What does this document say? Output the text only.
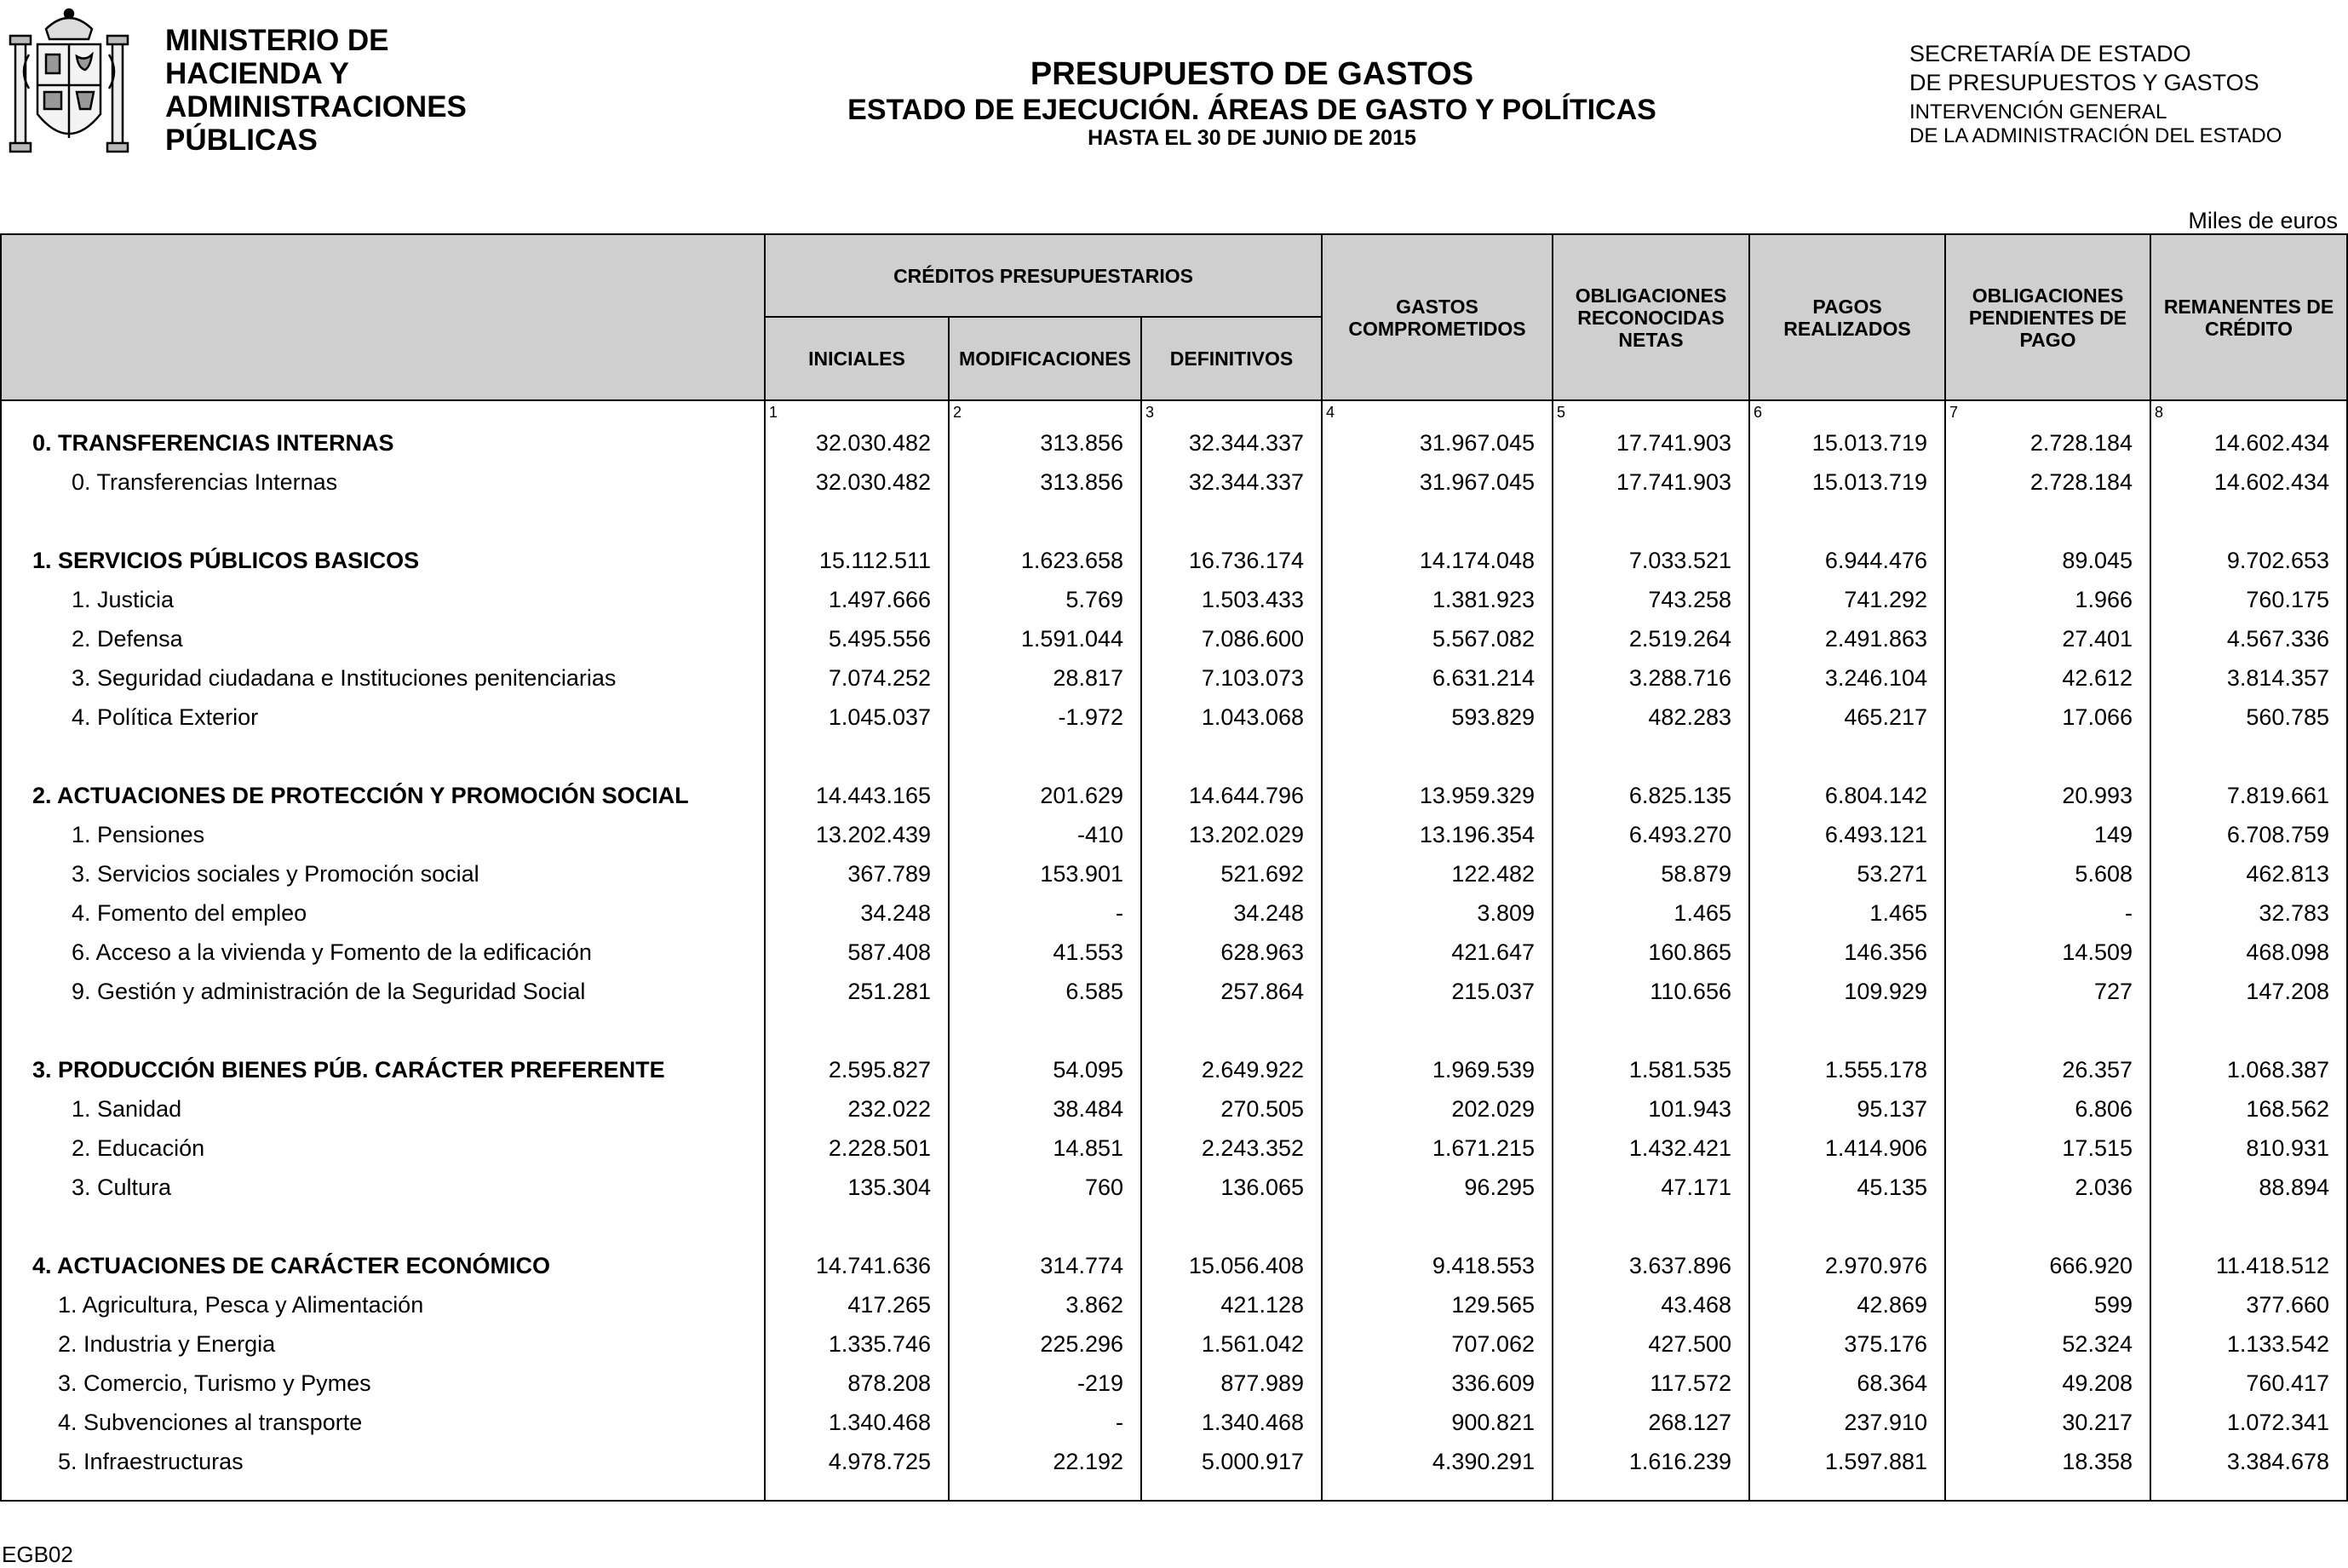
MINISTERIO DE
HACIENDA Y
ADMINISTRACIONES
PÚBLICAS
PRESUPUESTO DE GASTOS
ESTADO DE EJECUCIÓN. ÁREAS DE GASTO Y POLÍTICAS
HASTA EL 30 DE JUNIO DE 2015
SECRETARÍA DE ESTADO
DE PRESUPUESTOS Y GASTOS
INTERVENCIÓN GENERAL
DE LA ADMINISTRACIÓN DEL ESTADO
Miles de euros
	CRÉDITOS PRESUPUESTARIOS			GASTOS COMPROMETIDOS	OBLIGACIONES RECONOCIDAS NETAS	PAGOS REALIZADOS	OBLIGACIONES PENDIENTES DE PAGO	REMANENTES DE CRÉDITO
	INICIALES	MODIFICACIONES	DEFINITIVOS					
	1	2	3	4	5	6	7	8
0. TRANSFERENCIAS INTERNAS	32.030.482	313.856	32.344.337	31.967.045	17.741.903	15.013.719	2.728.184	14.602.434
0. Transferencias Internas	32.030.482	313.856	32.344.337	31.967.045	17.741.903	15.013.719	2.728.184	14.602.434

1. SERVICIOS PÚBLICOS BASICOS	15.112.511	1.623.658	16.736.174	14.174.048	7.033.521	6.944.476	89.045	9.702.653
1. Justicia	1.497.666	5.769	1.503.433	1.381.923	743.258	741.292	1.966	760.175
2. Defensa	5.495.556	1.591.044	7.086.600	5.567.082	2.519.264	2.491.863	27.401	4.567.336
3. Seguridad ciudadana e Instituciones penitenciarias	7.074.252	28.817	7.103.073	6.631.214	3.288.716	3.246.104	42.612	3.814.357
4. Política Exterior	1.045.037	-1.972	1.043.068	593.829	482.283	465.217	17.066	560.785

2. ACTUACIONES DE PROTECCIÓN Y PROMOCIÓN SOCIAL	14.443.165	201.629	14.644.796	13.959.329	6.825.135	6.804.142	20.993	7.819.661
1. Pensiones	13.202.439	-410	13.202.029	13.196.354	6.493.270	6.493.121	149	6.708.759
3. Servicios sociales y Promoción social	367.789	153.901	521.692	122.482	58.879	53.271	5.608	462.813
4. Fomento del empleo	34.248	-	34.248	3.809	1.465	1.465	-	32.783
6. Acceso a la vivienda y Fomento de la edificación	587.408	41.553	628.963	421.647	160.865	146.356	14.509	468.098
9. Gestión y administración de la Seguridad Social	251.281	6.585	257.864	215.037	110.656	109.929	727	147.208

3. PRODUCCIÓN BIENES PÚB. CARÁCTER PREFERENTE	2.595.827	54.095	2.649.922	1.969.539	1.581.535	1.555.178	26.357	1.068.387
1. Sanidad	232.022	38.484	270.505	202.029	101.943	95.137	6.806	168.562
2. Educación	2.228.501	14.851	2.243.352	1.671.215	1.432.421	1.414.906	17.515	810.931
3. Cultura	135.304	760	136.065	96.295	47.171	45.135	2.036	88.894

4. ACTUACIONES DE CARÁCTER ECONÓMICO	14.741.636	314.774	15.056.408	9.418.553	3.637.896	2.970.976	666.920	11.418.512
1. Agricultura, Pesca y Alimentación	417.265	3.862	421.128	129.565	43.468	42.869	599	377.660
2. Industria y Energia	1.335.746	225.296	1.561.042	707.062	427.500	375.176	52.324	1.133.542
3. Comercio, Turismo y Pymes	878.208	-219	877.989	336.609	117.572	68.364	49.208	760.417
4. Subvenciones al transporte	1.340.468	-	1.340.468	900.821	268.127	237.910	30.217	1.072.341
5. Infraestructuras	4.978.725	22.192	5.000.917	4.390.291	1.616.239	1.597.881	18.358	3.384.678

EGB02
